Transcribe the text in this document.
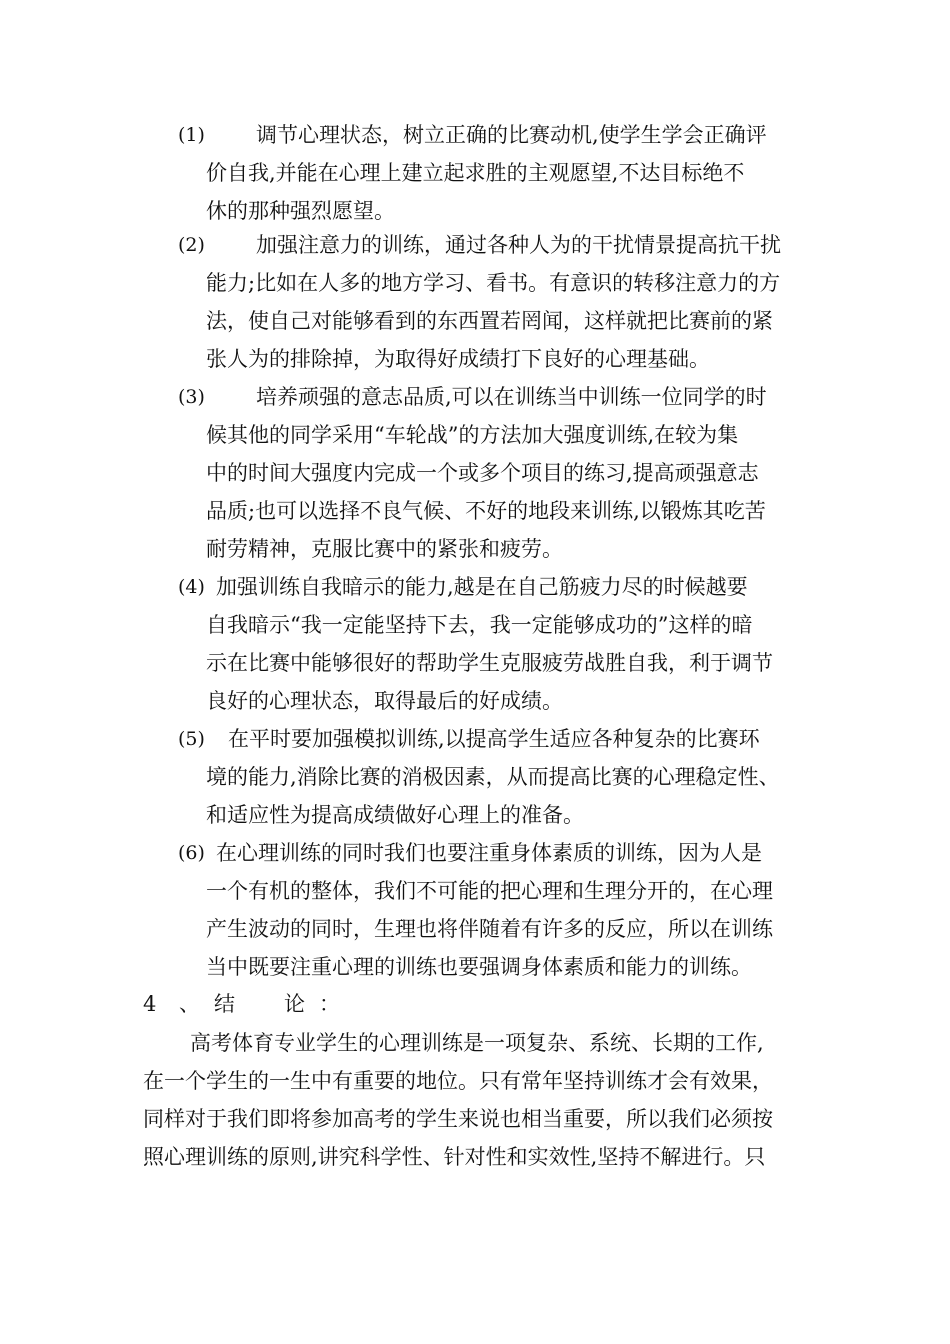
(1) 调节心理状态，树立正确的比赛动机,使学生学会正确评
价自我,并能在心理上建立起求胜的主观愿望,不达目标绝不
休的那种强烈愿望。
(2) 加强注意力的训练，通过各种人为的干扰情景提高抗干扰
能力;比如在人多的地方学习、看书。有意识的转移注意力的方
法，使自己对能够看到的东西置若罔闻，这样就把比赛前的紧
张人为的排除掉，为取得好成绩打下良好的心理基础。
(3) 培养顽强的意志品质,可以在训练当中训练一位同学的时
候其他的同学采用“车轮战”的方法加大强度训练,在较为集
中的时间大强度内完成一个或多个项目的练习,提高顽强意志
品质;也可以选择不良气候、不好的地段来训练,以锻炼其吃苦
耐劳精神，克服比赛中的紧张和疲劳。
(4) 加强训练自我暗示的能力,越是在自己筋疲力尽的时候越要
自我暗示“我一定能坚持下去，我一定能够成功的”这样的暗
示在比赛中能够很好的帮助学生克服疲劳战胜自我，利于调节
良好的心理状态，取得最后的好成绩。
(5) 在平时要加强模拟训练,以提高学生适应各种复杂的比赛环
境的能力,消除比赛的消极因素，从而提高比赛的心理稳定性、
和适应性为提高成绩做好心理上的准备。
(6) 在心理训练的同时我们也要注重身体素质的训练，因为人是
一个有机的整体，我们不可能的把心理和生理分开的，在心理
产生波动的同时，生理也将伴随着有许多的反应，所以在训练
当中既要注重心理的训练也要强调身体素质和能力的训练。
4 、结　论：
高考体育专业学生的心理训练是一项复杂、系统、长期的工作,
在一个学生的一生中有重要的地位。只有常年坚持训练才会有效果，
同样对于我们即将参加高考的学生来说也相当重要，所以我们必须按
照心理训练的原则,讲究科学性、针对性和实效性,坚持不解进行。只
